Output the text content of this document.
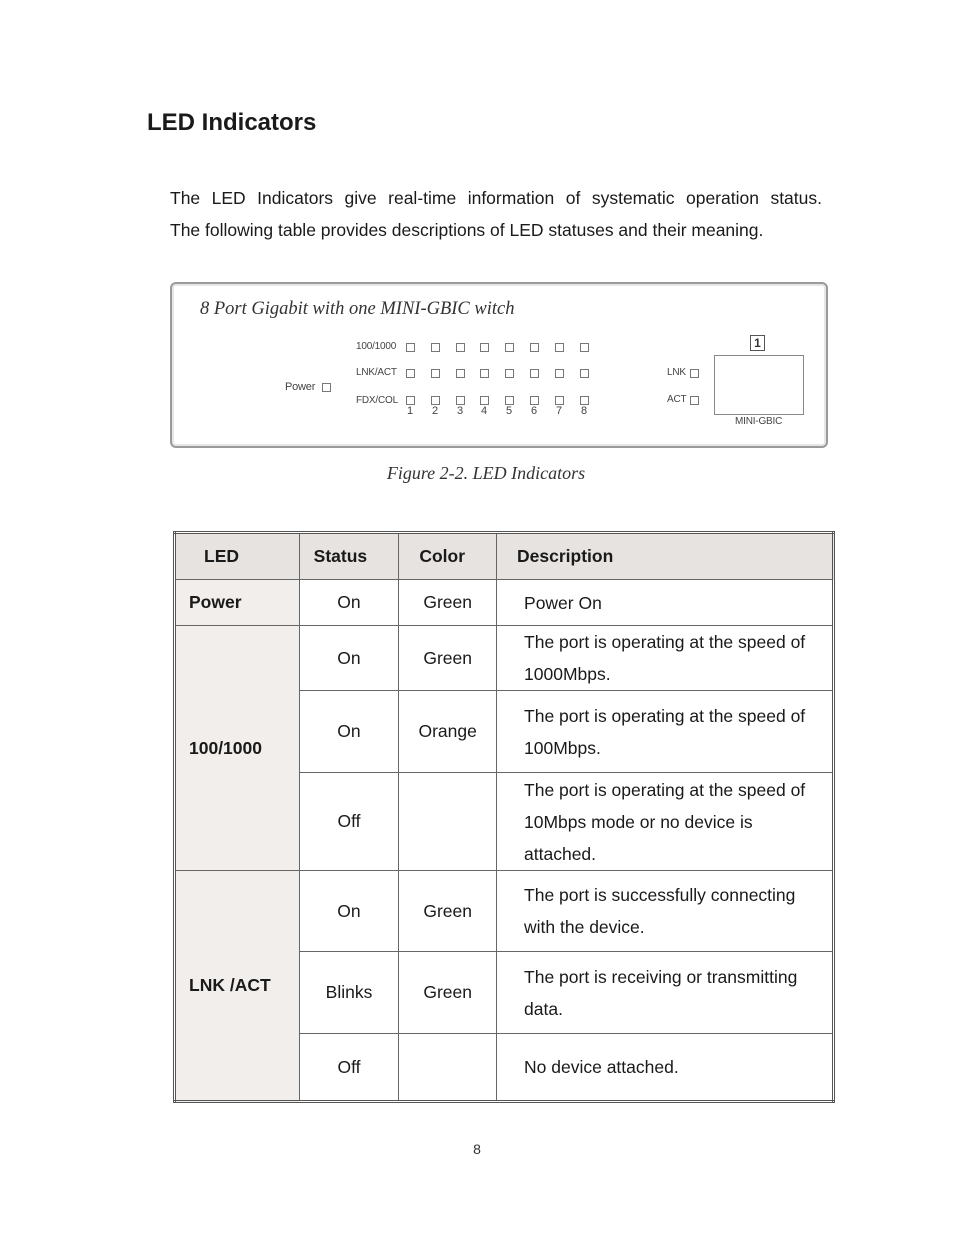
LED Indicators

The LED Indicators give real-time information of systematic operation status.
The following table provides descriptions of LED statuses and their meaning.

8 Port Gigabit with one MINI-GBIC witch

Power
100/1000
LNK/ACT
FDX/COL
1 2 3 4 5 6 7 8
LNK
ACT
1
MINI-GBIC

Figure 2-2. LED Indicators

LED	Status	Color	Description
Power	On	Green	Power On
100/1000	On	Green	The port is operating at the speed of 1000Mbps.
	On	Orange	The port is operating at the speed of 100Mbps.
	Off		The port is operating at the speed of 10Mbps mode or no device is attached.
LNK /ACT	On	Green	The port is successfully connecting with the device.
	Blinks	Green	The port is receiving or transmitting data.
	Off		No device attached.

8
